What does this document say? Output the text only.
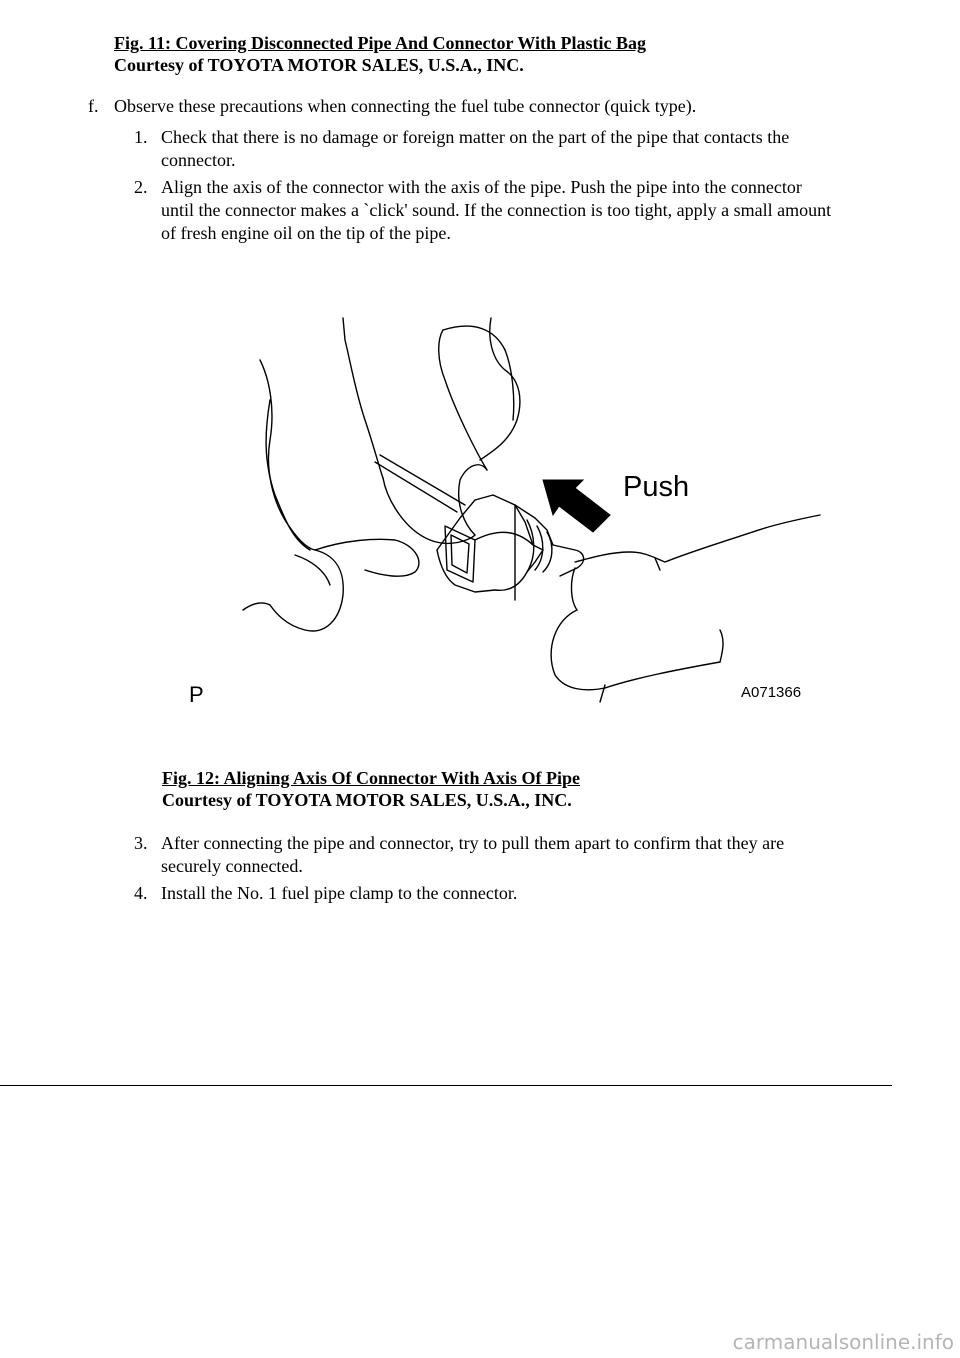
Fig. 11: Covering Disconnected Pipe And Connector With Plastic Bag

Courtesy of TOYOTA MOTOR SALES, U.S.A., INC.

f. Observe these precautions when connecting the fuel tube connector (quick type).
1. Check that there is no damage or foreign matter on the part of the pipe that contacts the

connector.

2. Align the axis of the connector with the axis of the pipe. Push the pipe into the connector

until the connector makes a `click' sound. If the connection is too tight, apply a small amount

of fresh engine oil on the tip of the pipe.

Push
P	A071366

Fig. 12: Aligning Axis Of Connector With Axis Of Pipe

Courtesy of TOYOTA MOTOR SALES, U.S.A., INC.

3. After connecting the pipe and connector, try to pull them apart to confirm that they are

securely connected.

4. Install the No. 1 fuel pipe clamp to the connector.

carmanualsonline.info
